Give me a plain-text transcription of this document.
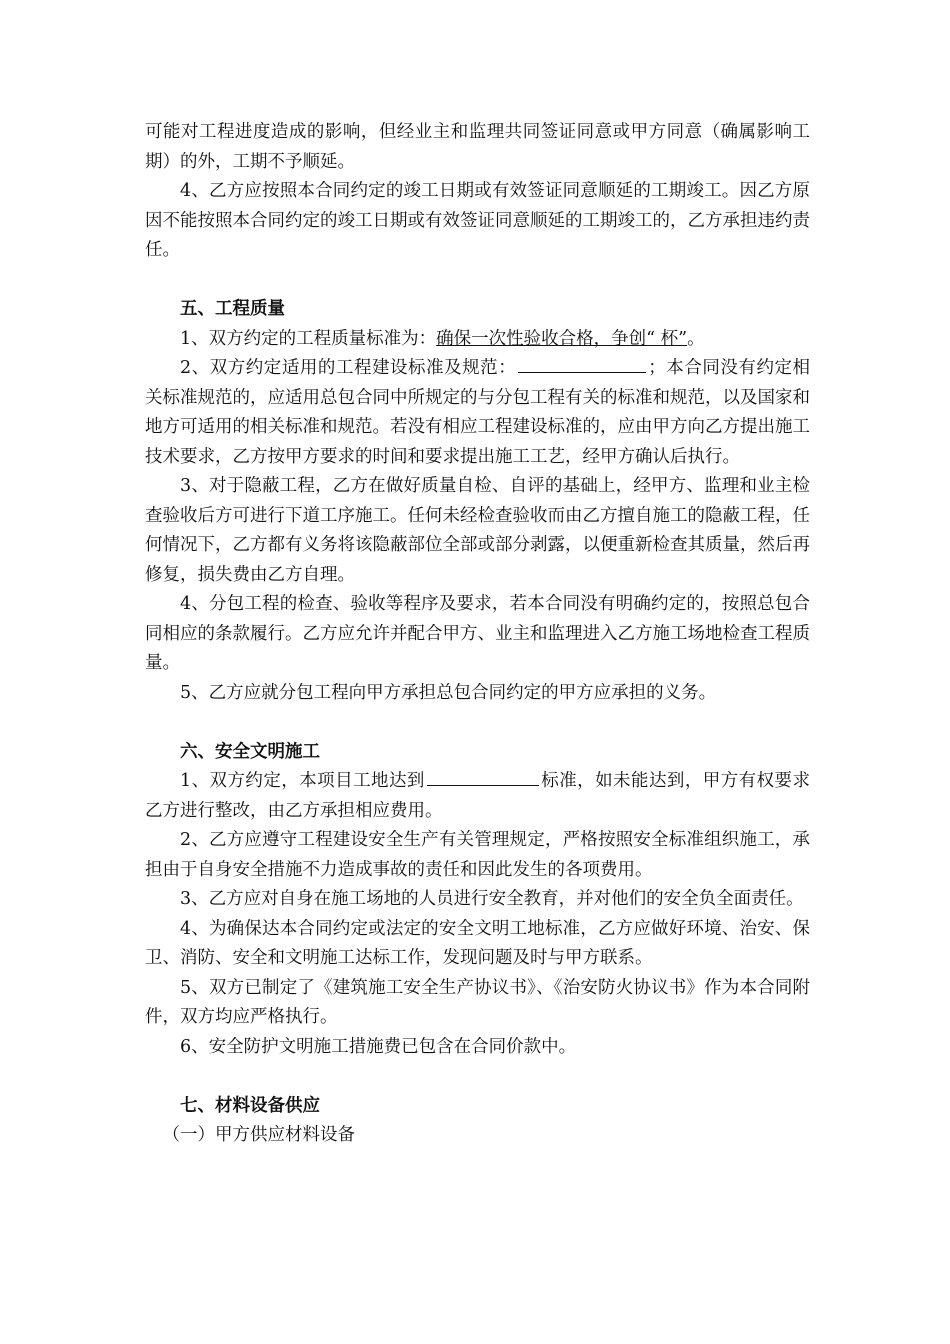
可能对工程进度造成的影响，但经业主和监理共同签证同意或甲方同意（确属影响工期）的外，工期不予顺延。

4、乙方应按照本合同约定的竣工日期或有效签证同意顺延的工期竣工。因乙方原因不能按照本合同约定的竣工日期或有效签证同意顺延的工期竣工的，乙方承担违约责任。

五、工程质量

1、双方约定的工程质量标准为：确保一次性验收合格，争创“ 杯”。

2、双方约定适用的工程建设标准及规范：	；本合同没有约定相关标准规范的，应适用总包合同中所规定的与分包工程有关的标准和规范，以及国家和地方可适用的相关标准和规范。若没有相应工程建设标准的，应由甲方向乙方提出施工技术要求，乙方按甲方要求的时间和要求提出施工工艺，经甲方确认后执行。

3、对于隐蔽工程，乙方在做好质量自检、自评的基础上，经甲方、监理和业主检查验收后方可进行下道工序施工。任何未经检查验收而由乙方擅自施工的隐蔽工程，任何情况下，乙方都有义务将该隐蔽部位全部或部分剥露，以便重新检查其质量，然后再修复，损失费由乙方自理。

4、分包工程的检查、验收等程序及要求，若本合同没有明确约定的，按照总包合同相应的条款履行。乙方应允许并配合甲方、业主和监理进入乙方施工场地检查工程质量。

5、乙方应就分包工程向甲方承担总包合同约定的甲方应承担的义务。

六、安全文明施工

1、双方约定，本项目工地达到	标准，如未能达到，甲方有权要求乙方进行整改，由乙方承担相应费用。

2、乙方应遵守工程建设安全生产有关管理规定，严格按照安全标准组织施工，承担由于自身安全措施不力造成事故的责任和因此发生的各项费用。

3、乙方应对自身在施工场地的人员进行安全教育，并对他们的安全负全面责任。

4、为确保达本合同约定或法定的安全文明工地标准，乙方应做好环境、治安、保卫、消防、安全和文明施工达标工作，发现问题及时与甲方联系。

5、双方已制定了《建筑施工安全生产协议书》、《治安防火协议书》作为本合同附件，双方均应严格执行。

6、安全防护文明施工措施费已包含在合同价款中。

七、材料设备供应

（一）甲方供应材料设备
